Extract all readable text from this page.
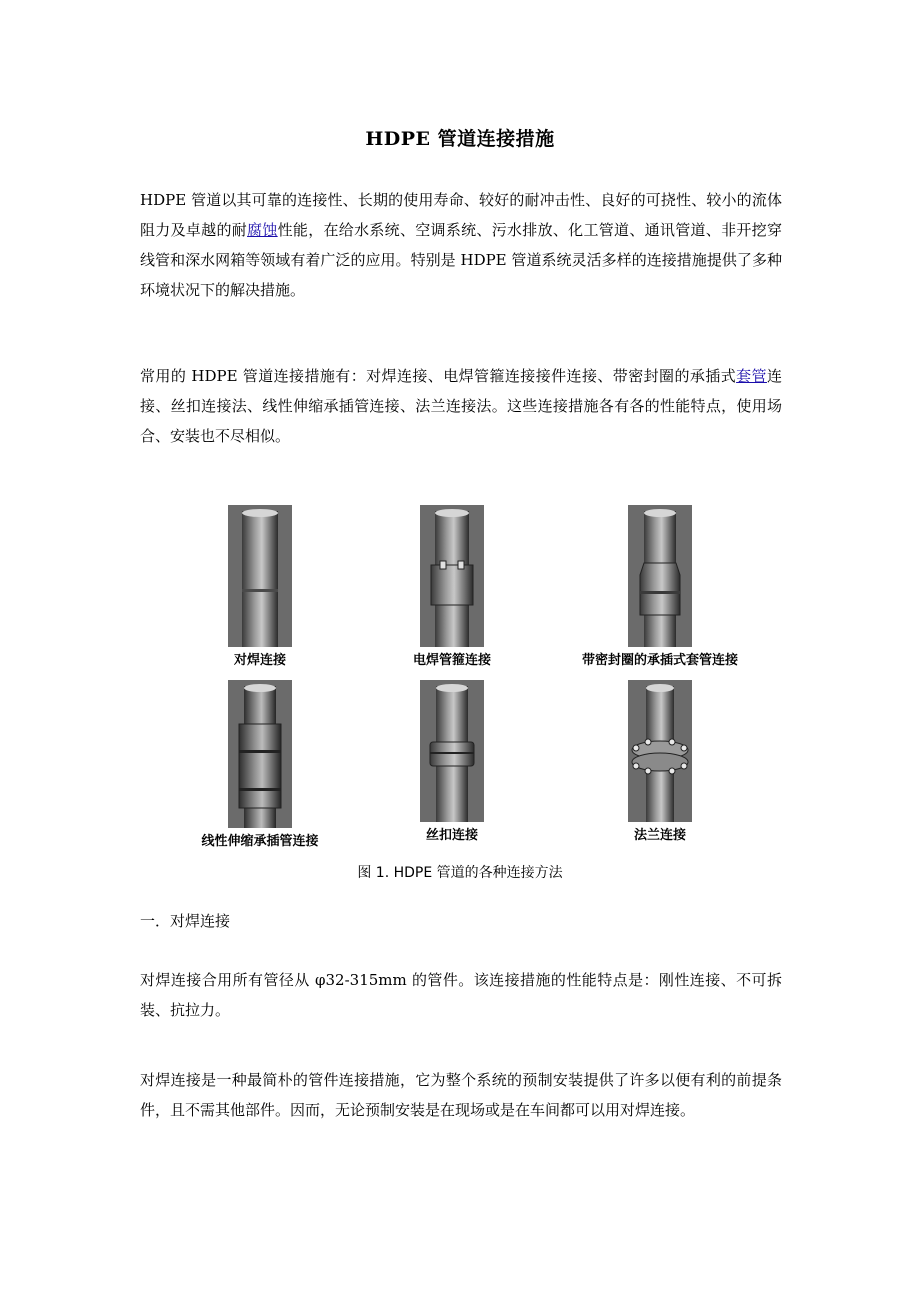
HDPE 管道连接措施
HDPE 管道以其可靠的连接性、长期的使用寿命、较好的耐冲击性、良好的可挠性、较小的流体阻力及卓越的耐腐蚀性能，在给水系统、空调系统、污水排放、化工管道、通讯管道、非开挖穿线管和深水网箱等领域有着广泛的应用。特别是 HDPE 管道系统灵活多样的连接措施提供了多种环境状况下的解决措施。
常用的 HDPE 管道连接措施有：对焊连接、电焊管箍连接接件连接、带密封圈的承插式套管连接、丝扣连接法、线性伸缩承插管连接、法兰连接法。这些连接措施各有各的性能特点，使用场合、安装也不尽相似。
对焊连接	电焊管箍连接	带密封圈的承插式套管连接
线性伸缩承插管连接	丝扣连接	法兰连接
图 1. HDPE 管道的各种连接方法
一．对焊连接
对焊连接合用所有管径从 φ32-315mm 的管件。该连接措施的性能特点是：刚性连接、不可拆装、抗拉力。
对焊连接是一种最简朴的管件连接措施，它为整个系统的预制安装提供了许多以便有利的前提条件，且不需其他部件。因而，无论预制安装是在现场或是在车间都可以用对焊连接。
